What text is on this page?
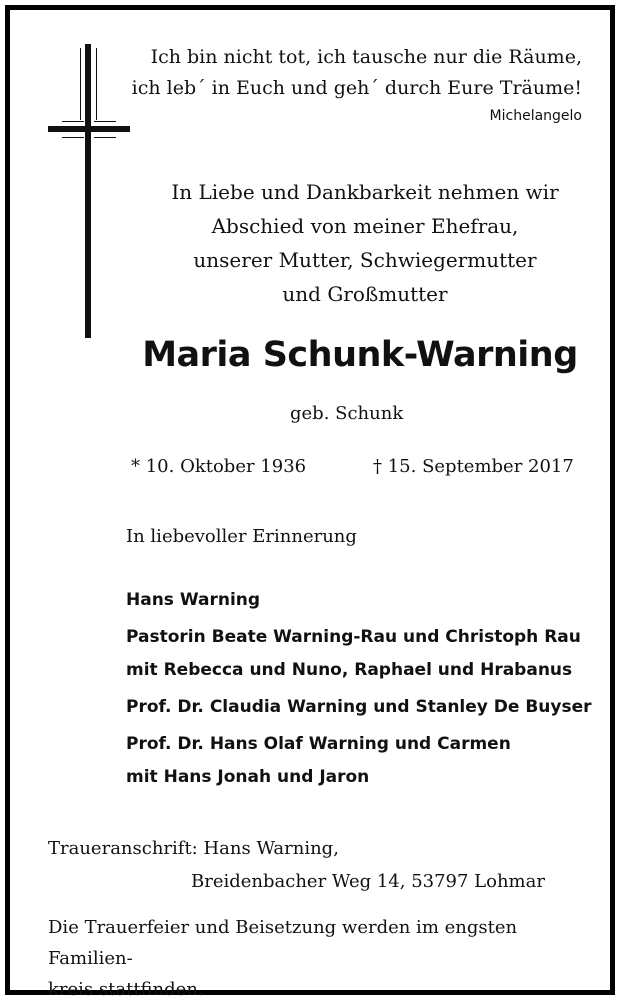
Ich bin nicht tot, ich tausche nur die Räume,
ich leb´ in Euch und geh´ durch Eure Träume!
Michelangelo
In Liebe und Dankbarkeit nehmen wir
Abschied von meiner Ehefrau,
unserer Mutter, Schwiegermutter
und Großmutter
Maria Schunk-Warning
geb. Schunk
* 10. Oktober 1936	† 15. September 2017
In liebevoller Erinnerung
Hans Warning
Pastorin Beate Warning-Rau und Christoph Rau
mit Rebecca und Nuno, Raphael und Hrabanus
Prof. Dr. Claudia Warning und Stanley De Buyser
Prof. Dr. Hans Olaf Warning und Carmen
mit Hans Jonah und Jaron
Traueranschrift: Hans Warning,
Breidenbacher Weg 14, 53797 Lohmar
Die Trauerfeier und Beisetzung werden im engsten Familien-
kreis stattfinden.
